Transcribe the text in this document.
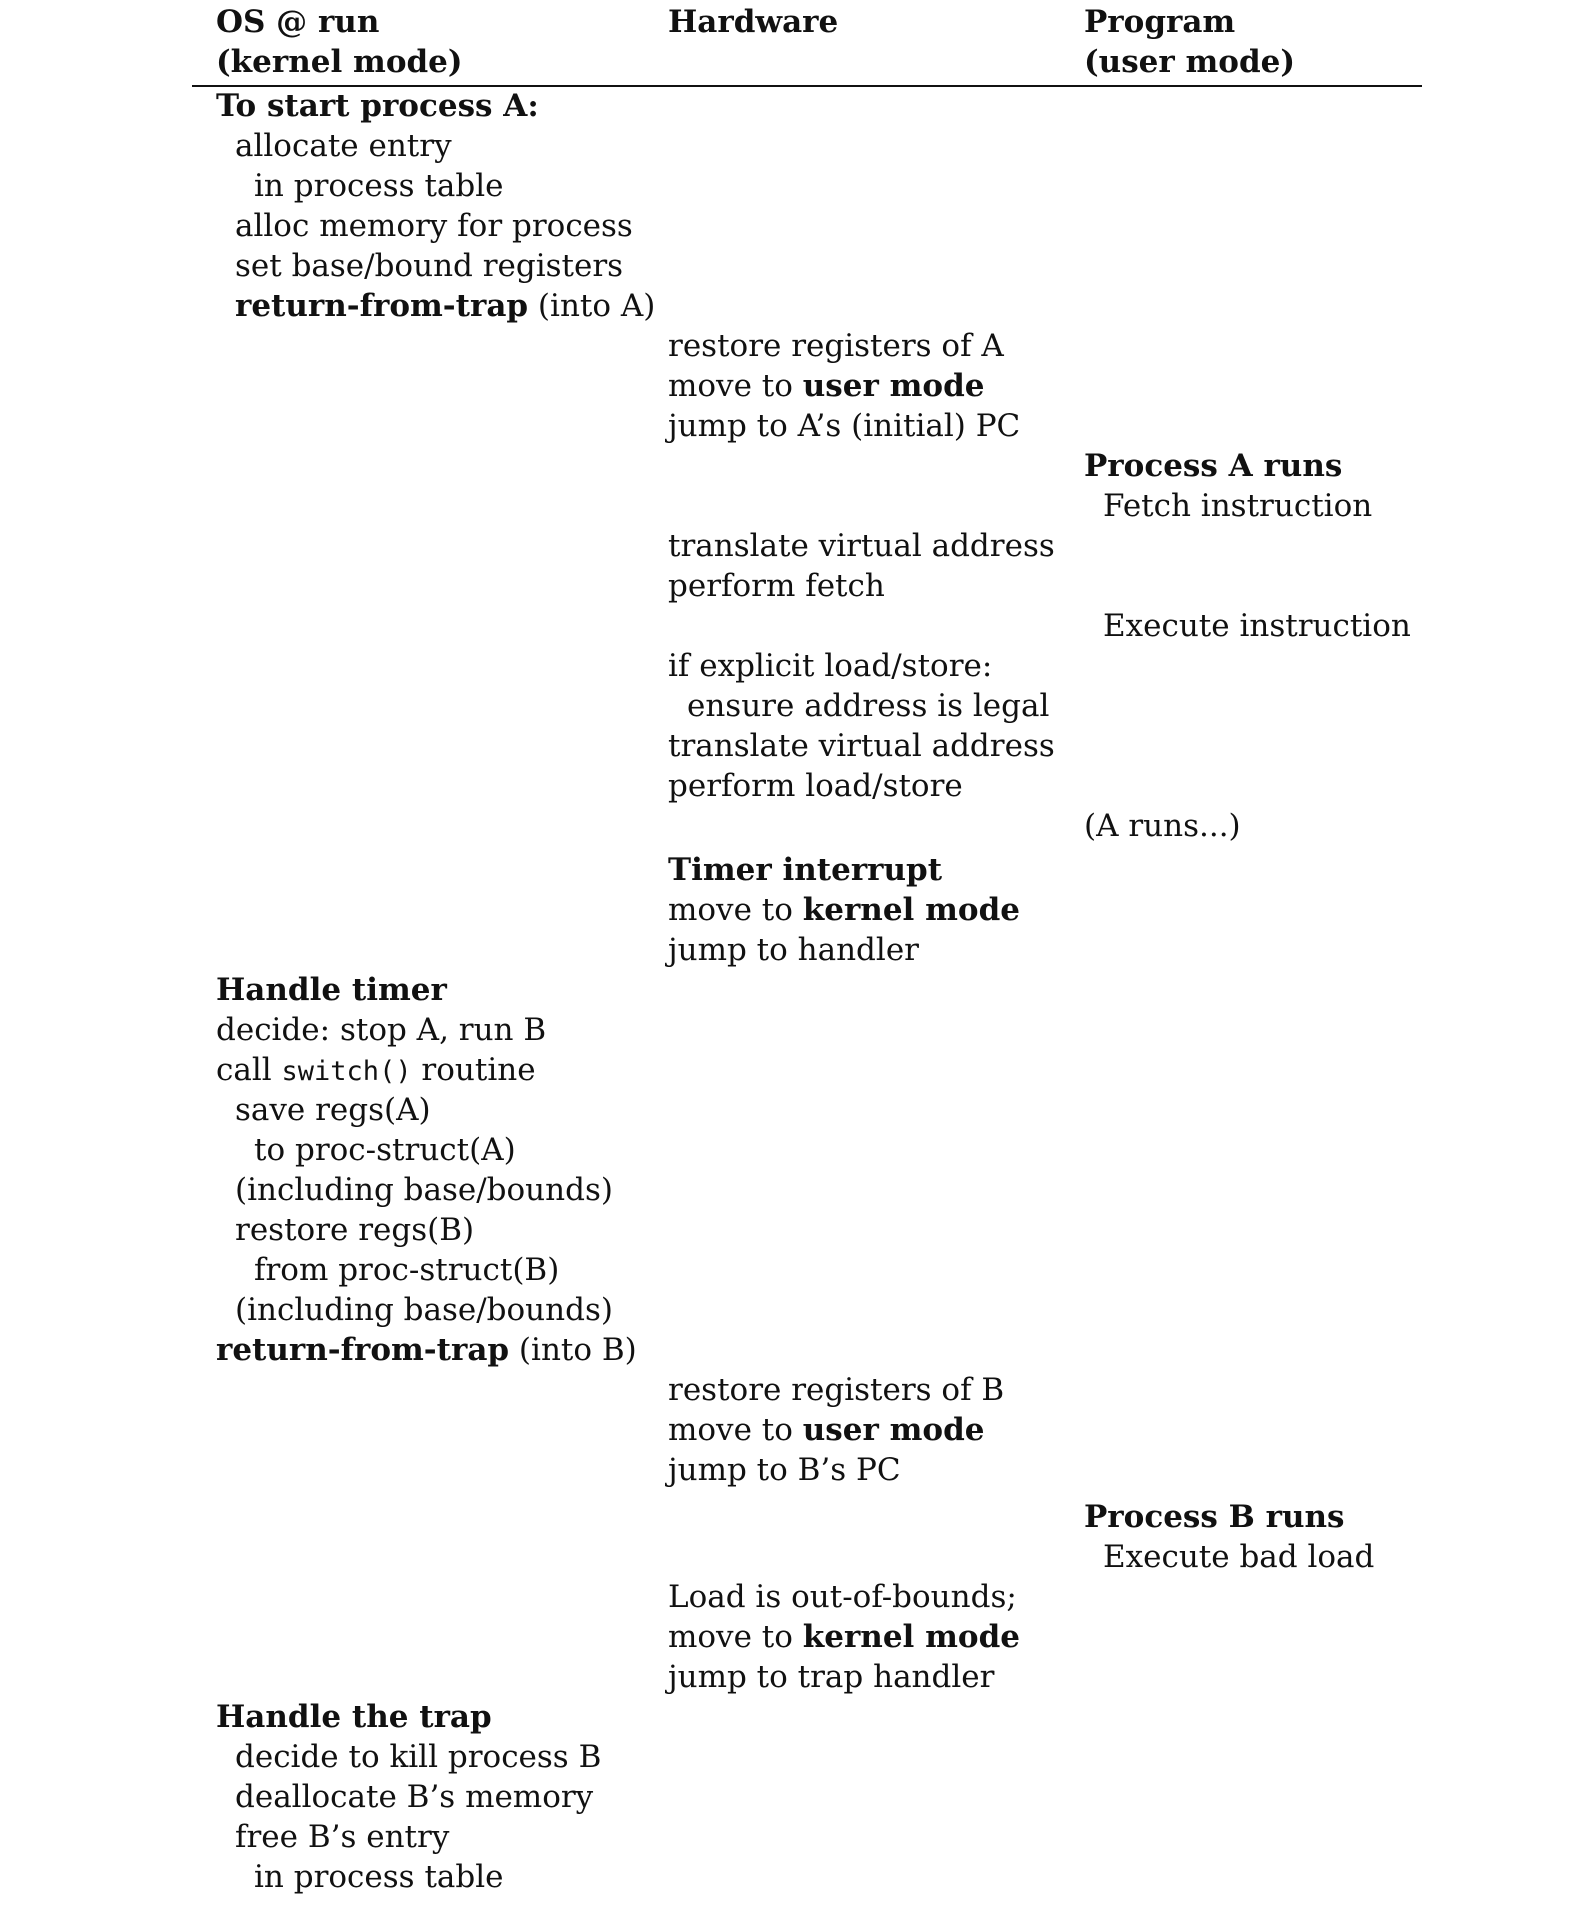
OS @ run
(kernel mode)
To start process A:
allocate entry
in process table
alloc memory for process
set base/bound registers
return-from-trap (into A)
Handle timer
decide: stop A, run B
call switch() routine
save regs(A)
to proc-struct(A)
(including base/bounds)
restore regs(B)
from proc-struct(B)
(including base/bounds)
return-from-trap (into B)
Handle the trap
decide to kill process B
deallocate B’s memory
free B’s entry
in process table
Hardware
restore registers of A
move to user mode
jump to A’s (initial) PC
translate virtual address
perform fetch
if explicit load/store:
ensure address is legal
translate virtual address
perform load/store
Timer interrupt
move to kernel mode
jump to handler
restore registers of B
move to user mode
jump to B’s PC
Load is out-of-bounds;
move to kernel mode
jump to trap handler
Program
(user mode)
Process A runs
Fetch instruction
Execute instruction
(A runs...)
Process B runs
Execute bad load
